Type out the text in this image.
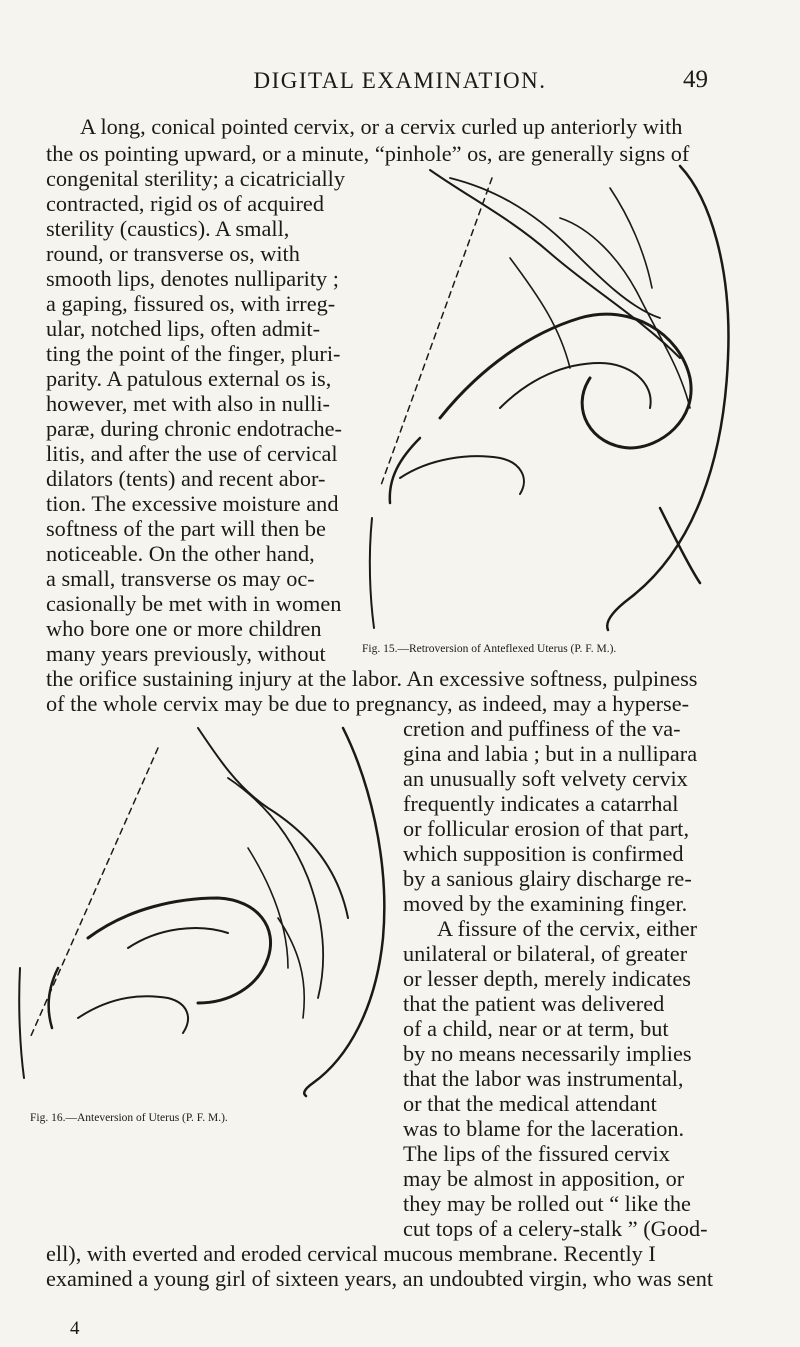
DIGITAL EXAMINATION.	49
A long, conical pointed cervix, or a cervix curled up anteriorly with
the os pointing upward, or a minute, “pinhole” os, are generally signs of
congenital sterility; a cicatricially
contracted, rigid os of acquired
sterility (caustics). A small,
round, or transverse os, with
smooth lips, denotes nulliparity ;
a gaping, fissured os, with irreg-
ular, notched lips, often admit-
ting the point of the finger, pluri-
parity. A patulous external os is,
however, met with also in nulli-
paræ, during chronic endotrache-
litis, and after the use of cervical
dilators (tents) and recent abor-
tion. The excessive moisture and
softness of the part will then be
noticeable. On the other hand,
a small, transverse os may oc-
casionally be met with in women
who bore one or more children
many years previously, without	Fig. 15.—Retroversion of Anteflexed Uterus (P. F. M.).
the orifice sustaining injury at the labor. An excessive softness, pulpiness
of the whole cervix may be due to pregnancy, as indeed, may a hyperse-
Fig. 16.—Anteversion of Uterus (P. F. M.).
cretion and puffiness of the va-
gina and labia ; but in a nullipara
an unusually soft velvety cervix
frequently indicates a catarrhal
or follicular erosion of that part,
which supposition is confirmed
by a sanious glairy discharge re-
moved by the examining finger.
A fissure of the cervix, either
unilateral or bilateral, of greater
or lesser depth, merely indicates
that the patient was delivered
of a child, near or at term, but
by no means necessarily implies
that the labor was instrumental,
or that the medical attendant
was to blame for the laceration.
The lips of the fissured cervix
may be almost in apposition, or
they may be rolled out “ like the
cut tops of a celery-stalk ” (Good-
ell), with everted and eroded cervical mucous membrane. Recently I
examined a young girl of sixteen years, an undoubted virgin, who was sent
4
